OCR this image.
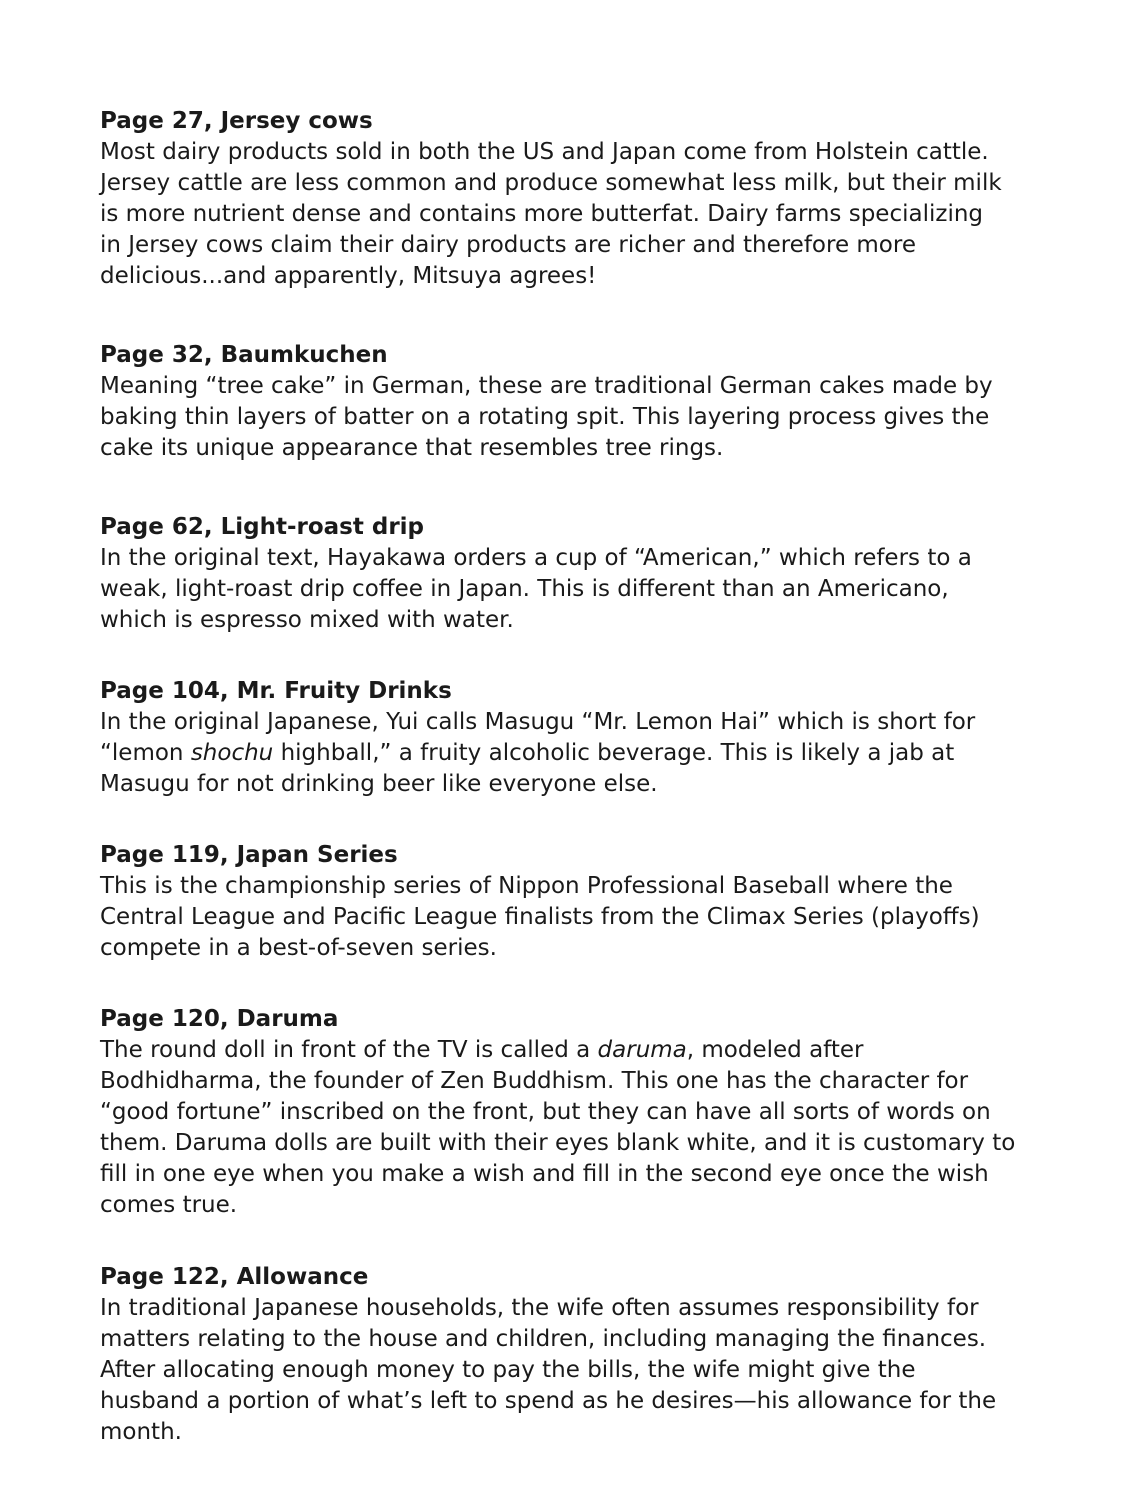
Page 27, Jersey cows

Most dairy products sold in both the US and Japan come from Holstein cattle.
Jersey cattle are less common and produce somewhat less milk, but their milk
is more nutrient dense and contains more butterfat. Dairy farms specializing
in Jersey cows claim their dairy products are richer and therefore more
delicious...and apparently, Mitsuya agrees!

Page 32, Baumkuchen

Meaning “tree cake” in German, these are traditional German cakes made by
baking thin layers of batter on a rotating spit. This layering process gives the
cake its unique appearance that resembles tree rings.

Page 62, Light-roast drip

In the original text, Hayakawa orders a cup of “American,” which refers to a
weak, light-roast drip coffee in Japan. This is different than an Americano,
which is espresso mixed with water.

Page 104, Mr. Fruity Drinks

In the original Japanese, Yui calls Masugu “Mr. Lemon Hai” which is short for
“lemon shochu highball,” a fruity alcoholic beverage. This is likely a jab at
Masugu for not drinking beer like everyone else.

Page 119, Japan Series

This is the championship series of Nippon Professional Baseball where the
Central League and Pacific League finalists from the Climax Series (playoffs)
compete in a best-of-seven series.

Page 120, Daruma

The round doll in front of the TV is called a daruma, modeled after
Bodhidharma, the founder of Zen Buddhism. This one has the character for
“good fortune” inscribed on the front, but they can have all sorts of words on
them. Daruma dolls are built with their eyes blank white, and it is customary to
fill in one eye when you make a wish and fill in the second eye once the wish
comes true.

Page 122, Allowance

In traditional Japanese households, the wife often assumes responsibility for
matters relating to the house and children, including managing the finances.
After allocating enough money to pay the bills, the wife might give the
husband a portion of what’s left to spend as he desires—his allowance for the
month.
